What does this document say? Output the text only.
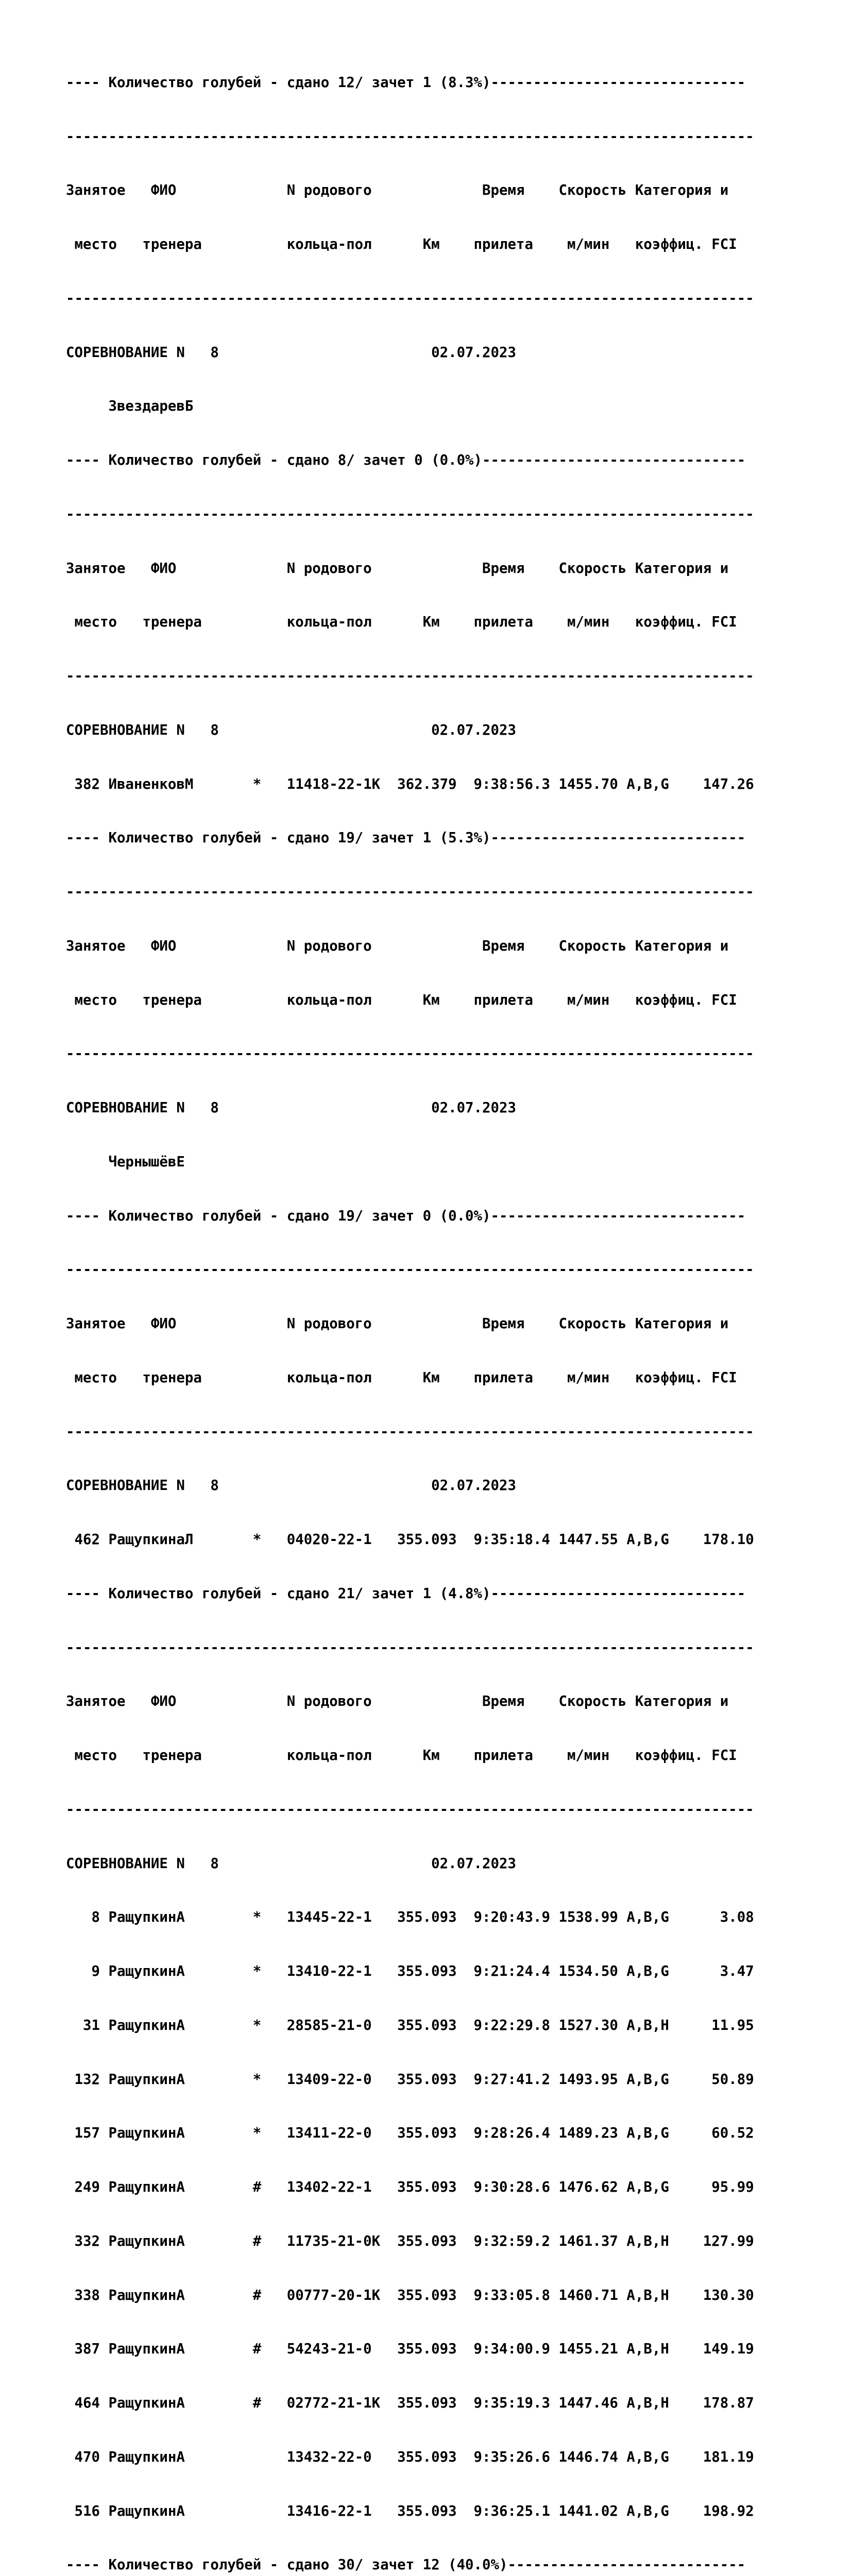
---- Количество голубей - сдано 12/ зачет 1 (8.3%)------------------------------

---------------------------------------------------------------------------------

Занятое   ФИО             N родового             Время    Скорость Категория и

место   тренера          кольца-пол      Км    прилета    м/мин   коэффиц. FCI

---------------------------------------------------------------------------------

СОРЕВНОВАНИЕ N   8                         02.07.2023

ЗвездаревБ

---- Количество голубей - сдано 8/ зачет 0 (0.0%)-------------------------------

---------------------------------------------------------------------------------

Занятое   ФИО             N родового             Время    Скорость Категория и

место   тренера          кольца-пол      Км    прилета    м/мин   коэффиц. FCI

---------------------------------------------------------------------------------

СОРЕВНОВАНИЕ N   8                         02.07.2023

382 ИваненковМ       *   11418-22-1K  362.379  9:38:56.3 1455.70 A,B,G    147.26

---- Количество голубей - сдано 19/ зачет 1 (5.3%)------------------------------

---------------------------------------------------------------------------------

Занятое   ФИО             N родового             Время    Скорость Категория и

место   тренера          кольца-пол      Км    прилета    м/мин   коэффиц. FCI

---------------------------------------------------------------------------------

СОРЕВНОВАНИЕ N   8                         02.07.2023

ЧернышёвЕ

---- Количество голубей - сдано 19/ зачет 0 (0.0%)------------------------------

---------------------------------------------------------------------------------

Занятое   ФИО             N родового             Время    Скорость Категория и

место   тренера          кольца-пол      Км    прилета    м/мин   коэффиц. FCI

---------------------------------------------------------------------------------

СОРЕВНОВАНИЕ N   8                         02.07.2023

462 РащупкинаЛ       *   04020-22-1   355.093  9:35:18.4 1447.55 A,B,G    178.10

---- Количество голубей - сдано 21/ зачет 1 (4.8%)------------------------------

---------------------------------------------------------------------------------

Занятое   ФИО             N родового             Время    Скорость Категория и

место   тренера          кольца-пол      Км    прилета    м/мин   коэффиц. FCI

---------------------------------------------------------------------------------

СОРЕВНОВАНИЕ N   8                         02.07.2023

8 РащупкинА        *   13445-22-1   355.093  9:20:43.9 1538.99 A,B,G      3.08

9 РащупкинА        *   13410-22-1   355.093  9:21:24.4 1534.50 A,B,G      3.47

31 РащупкинА        *   28585-21-0   355.093  9:22:29.8 1527.30 A,B,H     11.95

132 РащупкинА        *   13409-22-0   355.093  9:27:41.2 1493.95 A,B,G     50.89

157 РащупкинА        *   13411-22-0   355.093  9:28:26.4 1489.23 A,B,G     60.52

249 РащупкинА        #   13402-22-1   355.093  9:30:28.6 1476.62 A,B,G     95.99

332 РащупкинА        #   11735-21-0K  355.093  9:32:59.2 1461.37 A,B,H    127.99

338 РащупкинА        #   00777-20-1K  355.093  9:33:05.8 1460.71 A,B,H    130.30

387 РащупкинА        #   54243-21-0   355.093  9:34:00.9 1455.21 A,B,H    149.19

464 РащупкинА        #   02772-21-1K  355.093  9:35:19.3 1447.46 A,B,H    178.87

470 РащупкинА            13432-22-0   355.093  9:35:26.6 1446.74 A,B,G    181.19

516 РащупкинА            13416-22-1   355.093  9:36:25.1 1441.02 A,B,G    198.92

---- Количество голубей - сдано 30/ зачет 12 (40.0%)----------------------------
